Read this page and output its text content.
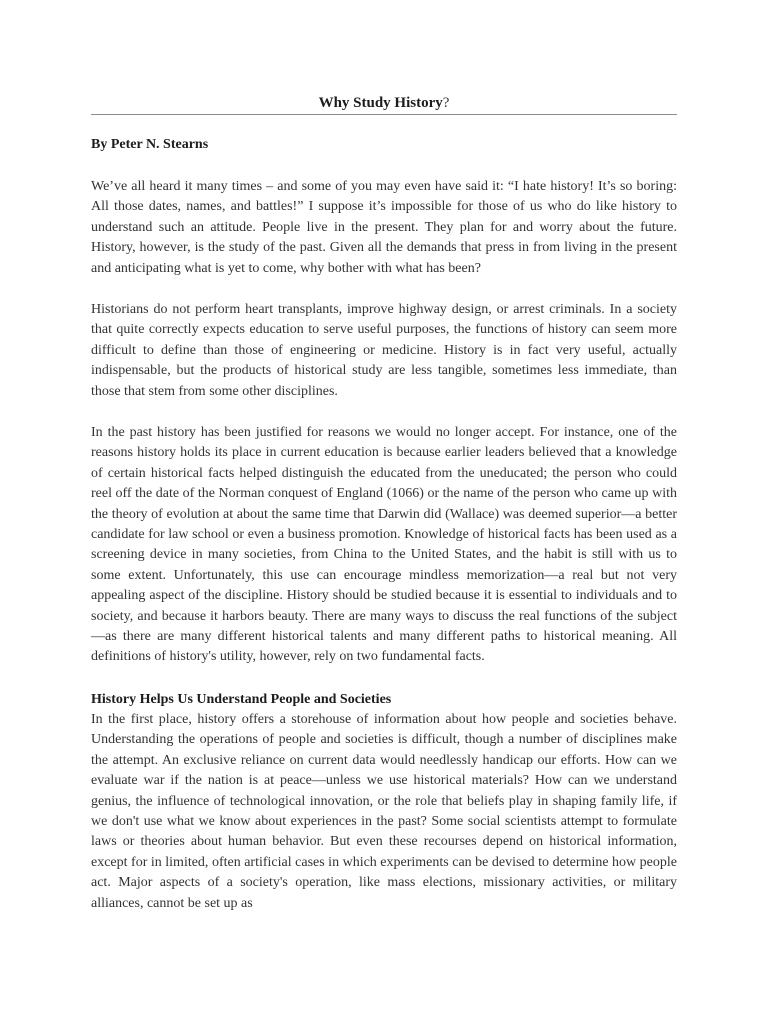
Why Study History?
By Peter N. Stearns

We’ve all heard it many times – and some of you may even have said it: “I hate history! It’s so boring: All those dates, names, and battles!” I suppose it’s impossible for those of us who do like history to understand such an attitude. People live in the present. They plan for and worry about the future. History, however, is the study of the past. Given all the demands that press in from living in the present and anticipating what is yet to come, why bother with what has been?

Historians do not perform heart transplants, improve highway design, or arrest criminals. In a society that quite correctly expects education to serve useful purposes, the functions of history can seem more difficult to define than those of engineering or medicine. History is in fact very useful, actually indispensable, but the products of historical study are less tangible, sometimes less immediate, than those that stem from some other disciplines.

In the past history has been justified for reasons we would no longer accept. For instance, one of the reasons history holds its place in current education is because earlier leaders believed that a knowledge of certain historical facts helped distinguish the educated from the uneducated; the person who could reel off the date of the Norman conquest of England (1066) or the name of the person who came up with the theory of evolution at about the same time that Darwin did (Wallace) was deemed superior—a better candidate for law school or even a business promotion. Knowledge of historical facts has been used as a screening device in many societies, from China to the United States, and the habit is still with us to some extent. Unfortunately, this use can encourage mindless memorization—a real but not very appealing aspect of the discipline. History should be studied because it is essential to individuals and to society, and because it harbors beauty. There are many ways to discuss the real functions of the subject—as there are many different historical talents and many different paths to historical meaning. All definitions of history's utility, however, rely on two fundamental facts.

History Helps Us Understand People and Societies

In the first place, history offers a storehouse of information about how people and societies behave. Understanding the operations of people and societies is difficult, though a number of disciplines make the attempt. An exclusive reliance on current data would needlessly handicap our efforts. How can we evaluate war if the nation is at peace—unless we use historical materials? How can we understand genius, the influence of technological innovation, or the role that beliefs play in shaping family life, if we don't use what we know about experiences in the past? Some social scientists attempt to formulate laws or theories about human behavior. But even these recourses depend on historical information, except for in limited, often artificial cases in which experiments can be devised to determine how people act. Major aspects of a society's operation, like mass elections, missionary activities, or military alliances, cannot be set up as
